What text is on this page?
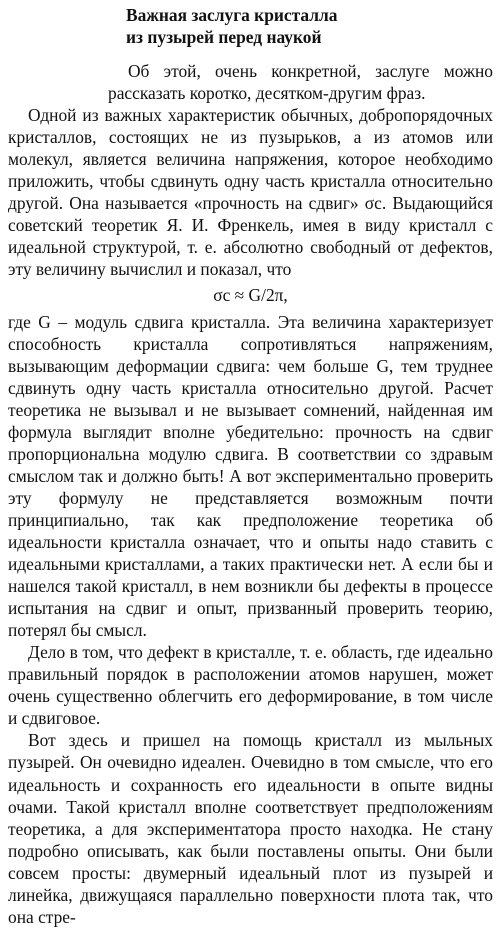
Важная заслуга кристалла
из пузырей перед наукой

Об этой, очень конкретной, заслуге можно рассказать коротко, десятком-другим фраз.

Одной из важных характеристик обычных, добропорядочных кристаллов, состоящих не из пузырьков, а из атомов или молекул, является величина напряжения, которое необходимо приложить, чтобы сдвинуть одну часть кристалла относительно другой. Она называется «прочность на сдвиг» σc. Выдающийся советский теоретик Я. И. Френкель, имея в виду кристалл с идеальной структурой, т. е. абсолютно свободный от дефектов, эту величину вычислил и показал, что

σc ≈ G/2π,

где G – модуль сдвига кристалла. Эта величина характеризует способность кристалла сопротивляться напряжениям, вызывающим деформации сдвига: чем больше G, тем труднее сдвинуть одну часть кристалла относительно другой. Расчет теоретика не вызывал и не вызывает сомнений, найденная им формула выглядит вполне убедительно: прочность на сдвиг пропорциональна модулю сдвига. В соответствии со здравым смыслом так и должно быть! А вот экспериментально проверить эту формулу не представляется возможным почти принципиально, так как предположение теоретика об идеальности кристалла означает, что и опыты надо ставить с идеальными кристаллами, а таких практически нет. А если бы и нашелся такой кристалл, в нем возникли бы дефекты в процессе испытания на сдвиг и опыт, призванный проверить теорию, потерял бы смысл.

Дело в том, что дефект в кристалле, т. е. область, где идеально правильный порядок в расположении атомов нарушен, может очень существенно облегчить его деформирование, в том числе и сдвиговое.

Вот здесь и пришел на помощь кристалл из мыльных пузырей. Он очевидно идеален. Очевидно в том смысле, что его идеальность и сохранность его идеальности в опыте видны очами. Такой кристалл вполне соответствует предположениям теоретика, а для экспериментатора просто находка. Не стану подробно описывать, как были поставлены опыты. Они были совсем просты: двумерный идеальный плот из пузырей и линейка, движущаяся параллельно поверхности плота так, что она стре-
